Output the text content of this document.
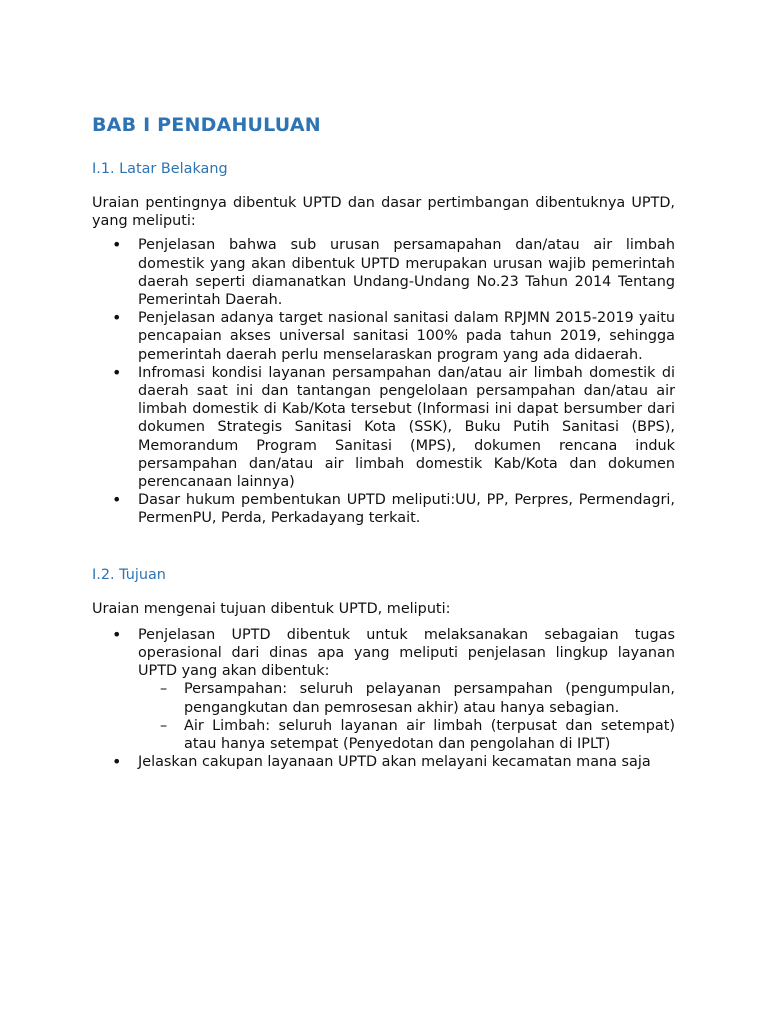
BAB I PENDAHULUAN
I.1. Latar Belakang

Uraian pentingnya dibentuk UPTD dan dasar pertimbangan dibentuknya UPTD, yang meliputi:

• Penjelasan bahwa sub urusan persamapahan dan/atau air limbah domestik yang akan dibentuk UPTD merupakan urusan wajib pemerintah daerah seperti diamanatkan Undang-Undang No.23 Tahun 2014 Tentang Pemerintah Daerah.
• Penjelasan adanya target nasional sanitasi dalam RPJMN 2015-2019 yaitu pencapaian akses universal sanitasi 100% pada tahun 2019, sehingga pemerintah daerah perlu menselaraskan program yang ada didaerah.
• Infromasi kondisi layanan persampahan dan/atau air limbah domestik di daerah saat ini dan tantangan pengelolaan persampahan dan/atau air limbah domestik di Kab/Kota tersebut (Informasi ini dapat bersumber dari dokumen Strategis Sanitasi Kota (SSK), Buku Putih Sanitasi (BPS), Memorandum Program Sanitasi (MPS), dokumen rencana induk persampahan dan/atau air limbah domestik Kab/Kota dan dokumen perencanaan lainnya)
• Dasar hukum pembentukan UPTD meliputi:UU, PP, Perpres, Permendagri, PermenPU, Perda, Perkadayang terkait.
I.2. Tujuan

Uraian mengenai tujuan dibentuk UPTD, meliputi:

• Penjelasan UPTD dibentuk untuk melaksanakan sebagaian tugas operasional dari dinas apa yang meliputi penjelasan lingkup layanan UPTD yang akan dibentuk:
– Persampahan: seluruh pelayanan persampahan (pengumpulan, pengangkutan dan pemrosesan akhir) atau hanya sebagian.
– Air Limbah: seluruh layanan air limbah (terpusat dan setempat) atau hanya setempat (Penyedotan dan pengolahan di IPLT)
• Jelaskan cakupan layanaan UPTD akan melayani kecamatan mana saja
